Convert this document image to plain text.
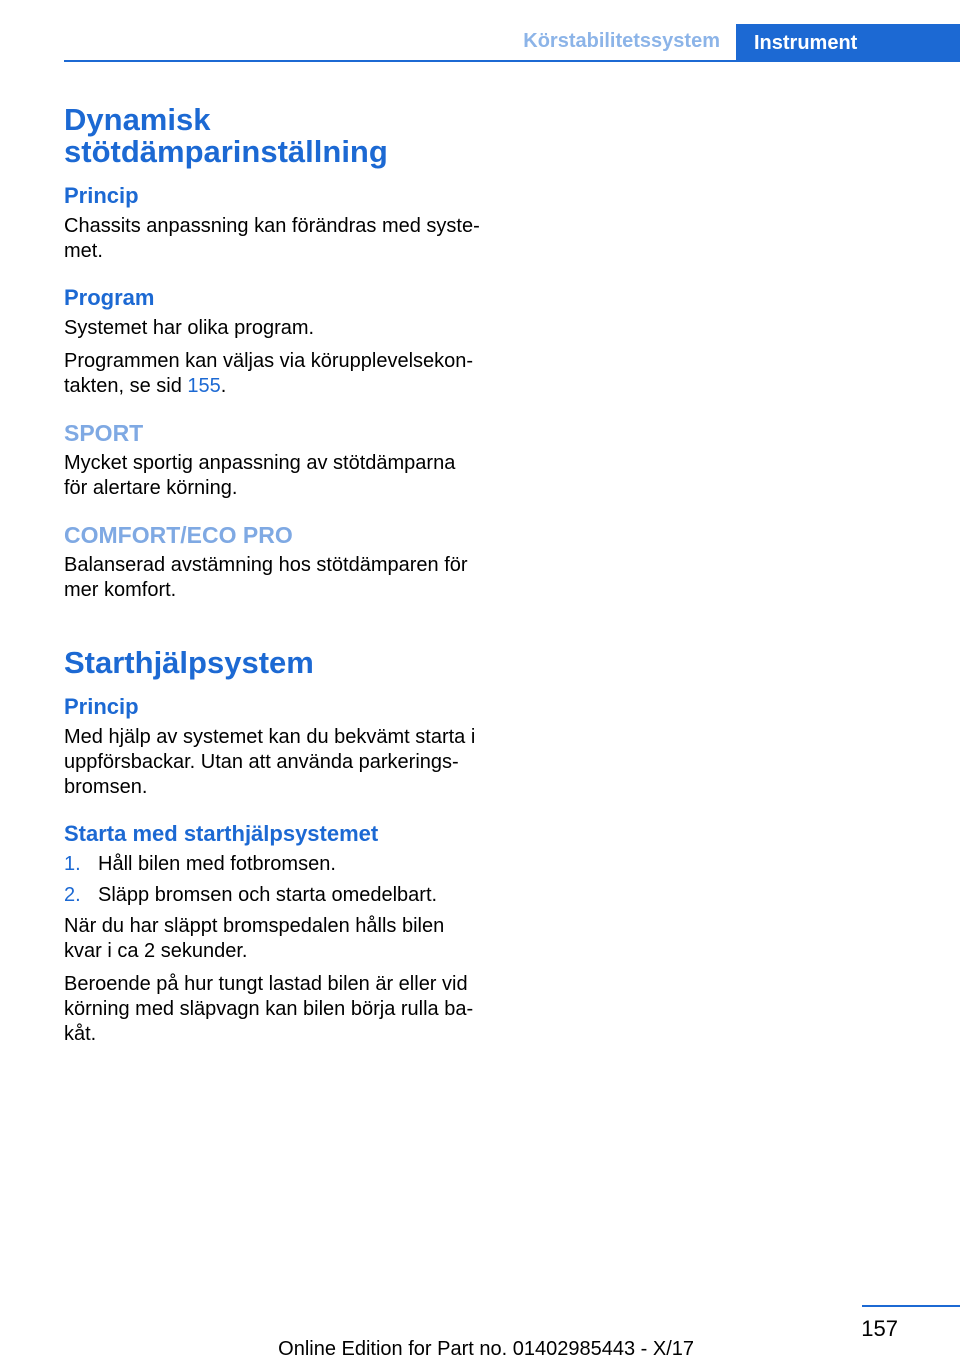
Körstabilitetssystem	Instrument
Dynamisk
stötdämparinställning
Princip

Chassits anpassning kan förändras med syste‐met.

Program

Systemet har olika program.

Programmen kan väljas via körupplevelsekon‐takten, se sid 155.

SPORT

Mycket sportig anpassning av stötdämparna för alertare körning.

COMFORT/ECO PRO

Balanserad avstämning hos stötdämparen för mer komfort.

Starthjälpsystem
Princip

Med hjälp av systemet kan du bekvämt starta i uppförsbackar. Utan att använda parkerings‐bromsen.

Starta med starthjälpsystemet
1. Håll bilen med fotbromsen.
2. Släpp bromsen och starta omedelbart.

När du har släppt bromspedalen hålls bilen kvar i ca 2 sekunder.

Beroende på hur tungt lastad bilen är eller vid körning med släpvagn kan bilen börja rulla ba‐kåt.

157
Online Edition for Part no. 01402985443 - X/17
